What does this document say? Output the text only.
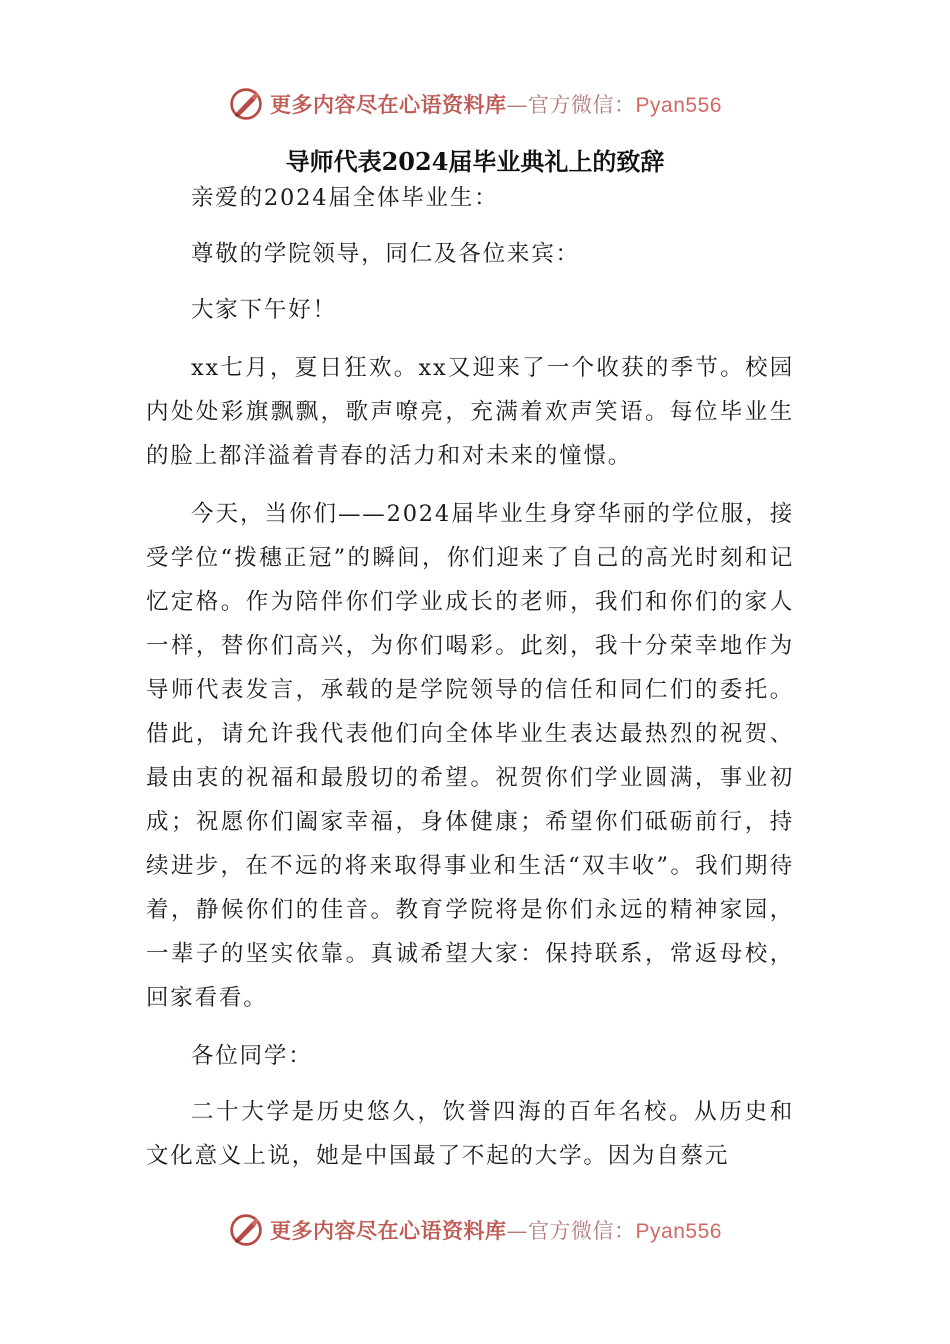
更多内容尽在心语资料库—官方微信：Pyan556
导师代表2024届毕业典礼上的致辞

亲爱的2024届全体毕业生：

尊敬的学院领导，同仁及各位来宾：

大家下午好！

xx七月，夏日狂欢。xx又迎来了一个收获的季节。校园内处处彩旗飘飘，歌声嘹亮，充满着欢声笑语。每位毕业生的脸上都洋溢着青春的活力和对未来的憧憬。

今天，当你们——2024届毕业生身穿华丽的学位服，接受学位“拨穗正冠”的瞬间，你们迎来了自己的高光时刻和记忆定格。作为陪伴你们学业成长的老师，我们和你们的家人一样，替你们高兴，为你们喝彩。此刻，我十分荣幸地作为导师代表发言，承载的是学院领导的信任和同仁们的委托。借此，请允许我代表他们向全体毕业生表达最热烈的祝贺、最由衷的祝福和最殷切的希望。祝贺你们学业圆满，事业初成；祝愿你们阖家幸福，身体健康；希望你们砥砺前行，持续进步，在不远的将来取得事业和生活“双丰收”。我们期待着，静候你们的佳音。教育学院将是你们永远的精神家园，一辈子的坚实依靠。真诚希望大家：保持联系，常返母校，回家看看。

各位同学：

二十大学是历史悠久，饮誉四海的百年名校。从历史和文化意义上说，她是中国最了不起的大学。因为自蔡元

更多内容尽在心语资料库—官方微信：Pyan556
